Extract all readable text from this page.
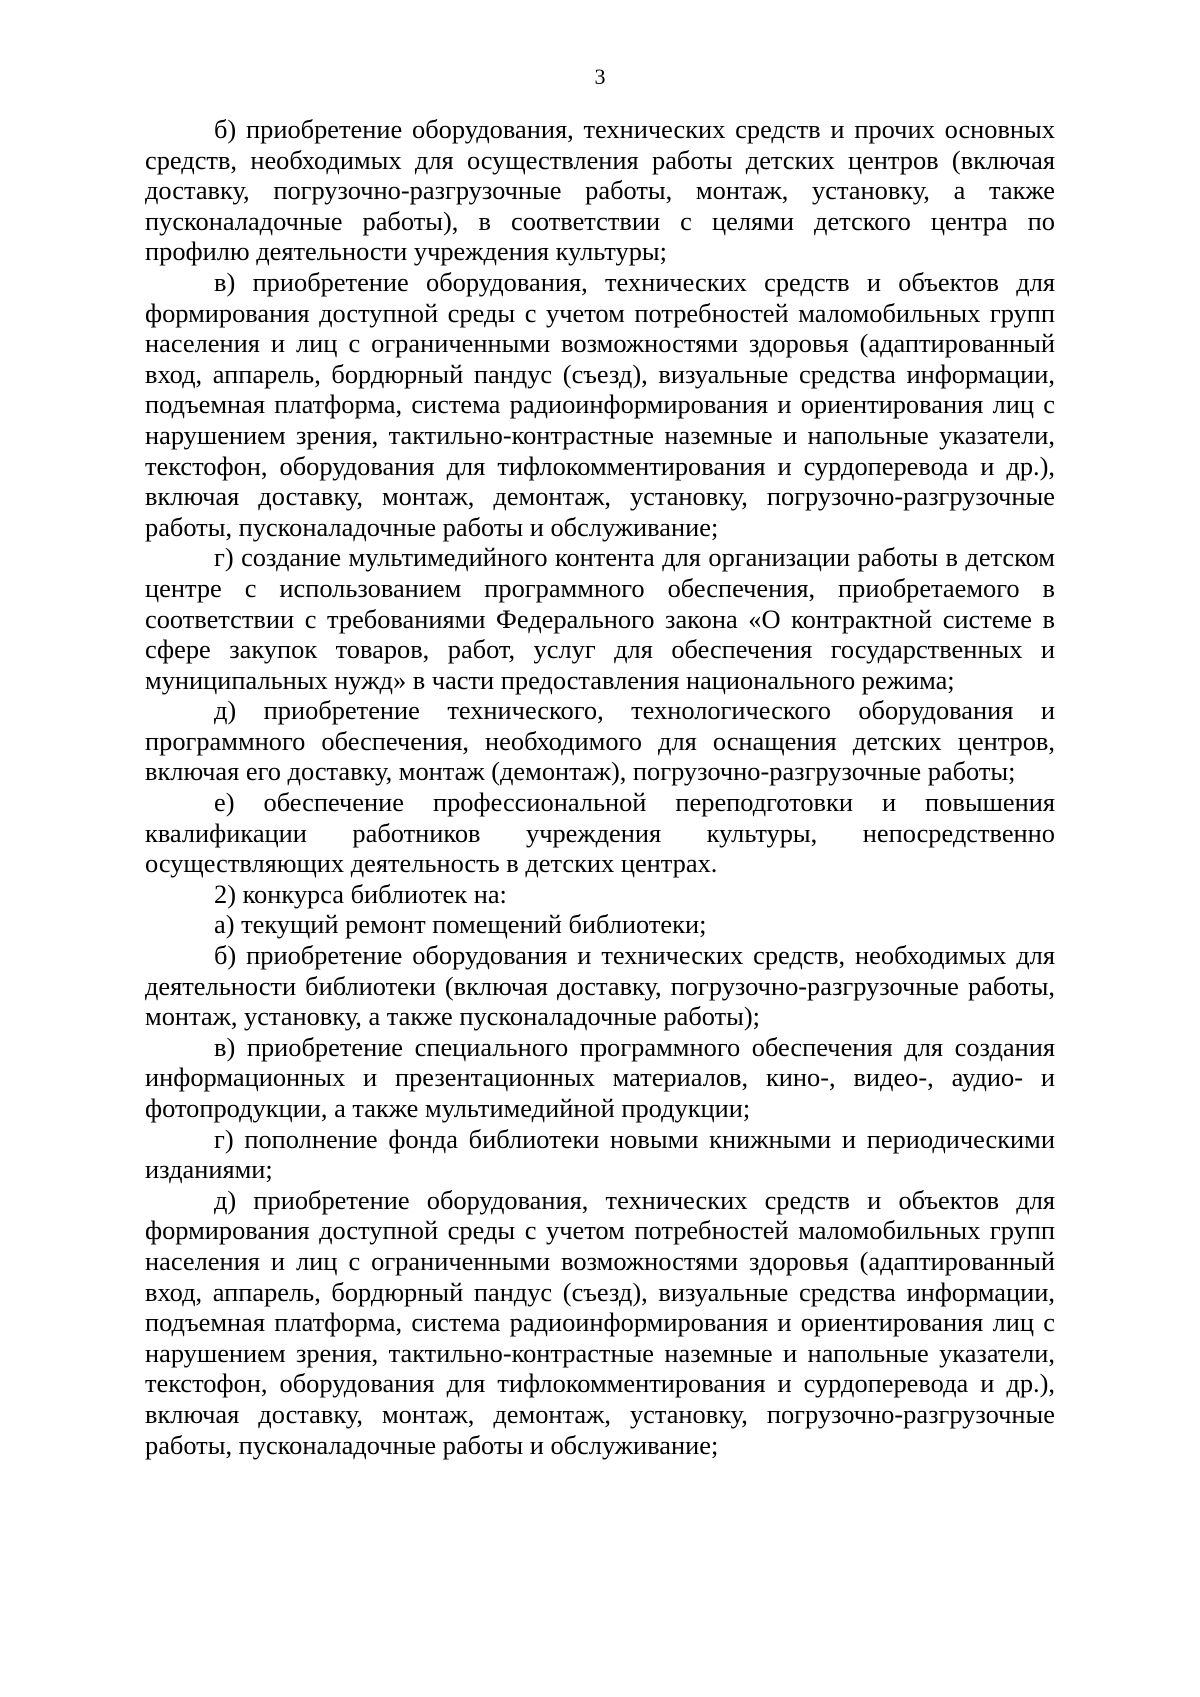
3

б) приобретение оборудования, технических средств и прочих основных средств, необходимых для осуществления работы детских центров (включая доставку, погрузочно-разгрузочные работы, монтаж, установку, а также пусконаладочные работы), в соответствии с целями детского центра по профилю деятельности учреждения культуры;

в) приобретение оборудования, технических средств и объектов для формирования доступной среды с учетом потребностей маломобильных групп населения и лиц с ограниченными возможностями здоровья (адаптированный вход, аппарель, бордюрный пандус (съезд), визуальные средства информации, подъемная платформа, система радиоинформирования и ориентирования лиц с нарушением зрения, тактильно-контрастные наземные и напольные указатели, текстофон, оборудования для тифлокомментирования и сурдоперевода и др.), включая доставку, монтаж, демонтаж, установку, погрузочно-разгрузочные работы, пусконаладочные работы и обслуживание;

г) создание мультимедийного контента для организации работы в детском центре с использованием программного обеспечения, приобретаемого в соответствии с требованиями Федерального закона «О контрактной системе в сфере закупок товаров, работ, услуг для обеспечения государственных и муниципальных нужд» в части предоставления национального режима;

д) приобретение технического, технологического оборудования и программного обеспечения, необходимого для оснащения детских центров, включая его доставку, монтаж (демонтаж), погрузочно-разгрузочные работы;

е) обеспечение профессиональной переподготовки и повышения квалификации работников учреждения культуры, непосредственно осуществляющих деятельность в детских центрах.

2) конкурса библиотек на:

а) текущий ремонт помещений библиотеки;

б) приобретение оборудования и технических средств, необходимых для деятельности библиотеки (включая доставку, погрузочно-разгрузочные работы, монтаж, установку, а также пусконаладочные работы);

в) приобретение специального программного обеспечения для создания информационных и презентационных материалов, кино-, видео-, аудио- и фотопродукции, а также мультимедийной продукции;

г) пополнение фонда библиотеки новыми книжными и периодическими изданиями;

д) приобретение оборудования, технических средств и объектов для формирования доступной среды с учетом потребностей маломобильных групп населения и лиц с ограниченными возможностями здоровья (адаптированный вход, аппарель, бордюрный пандус (съезд), визуальные средства информации, подъемная платформа, система радиоинформирования и ориентирования лиц с нарушением зрения, тактильно-контрастные наземные и напольные указатели, текстофон, оборудования для тифлокомментирования и сурдоперевода и др.), включая доставку, монтаж, демонтаж, установку, погрузочно-разгрузочные работы, пусконаладочные работы и обслуживание;
